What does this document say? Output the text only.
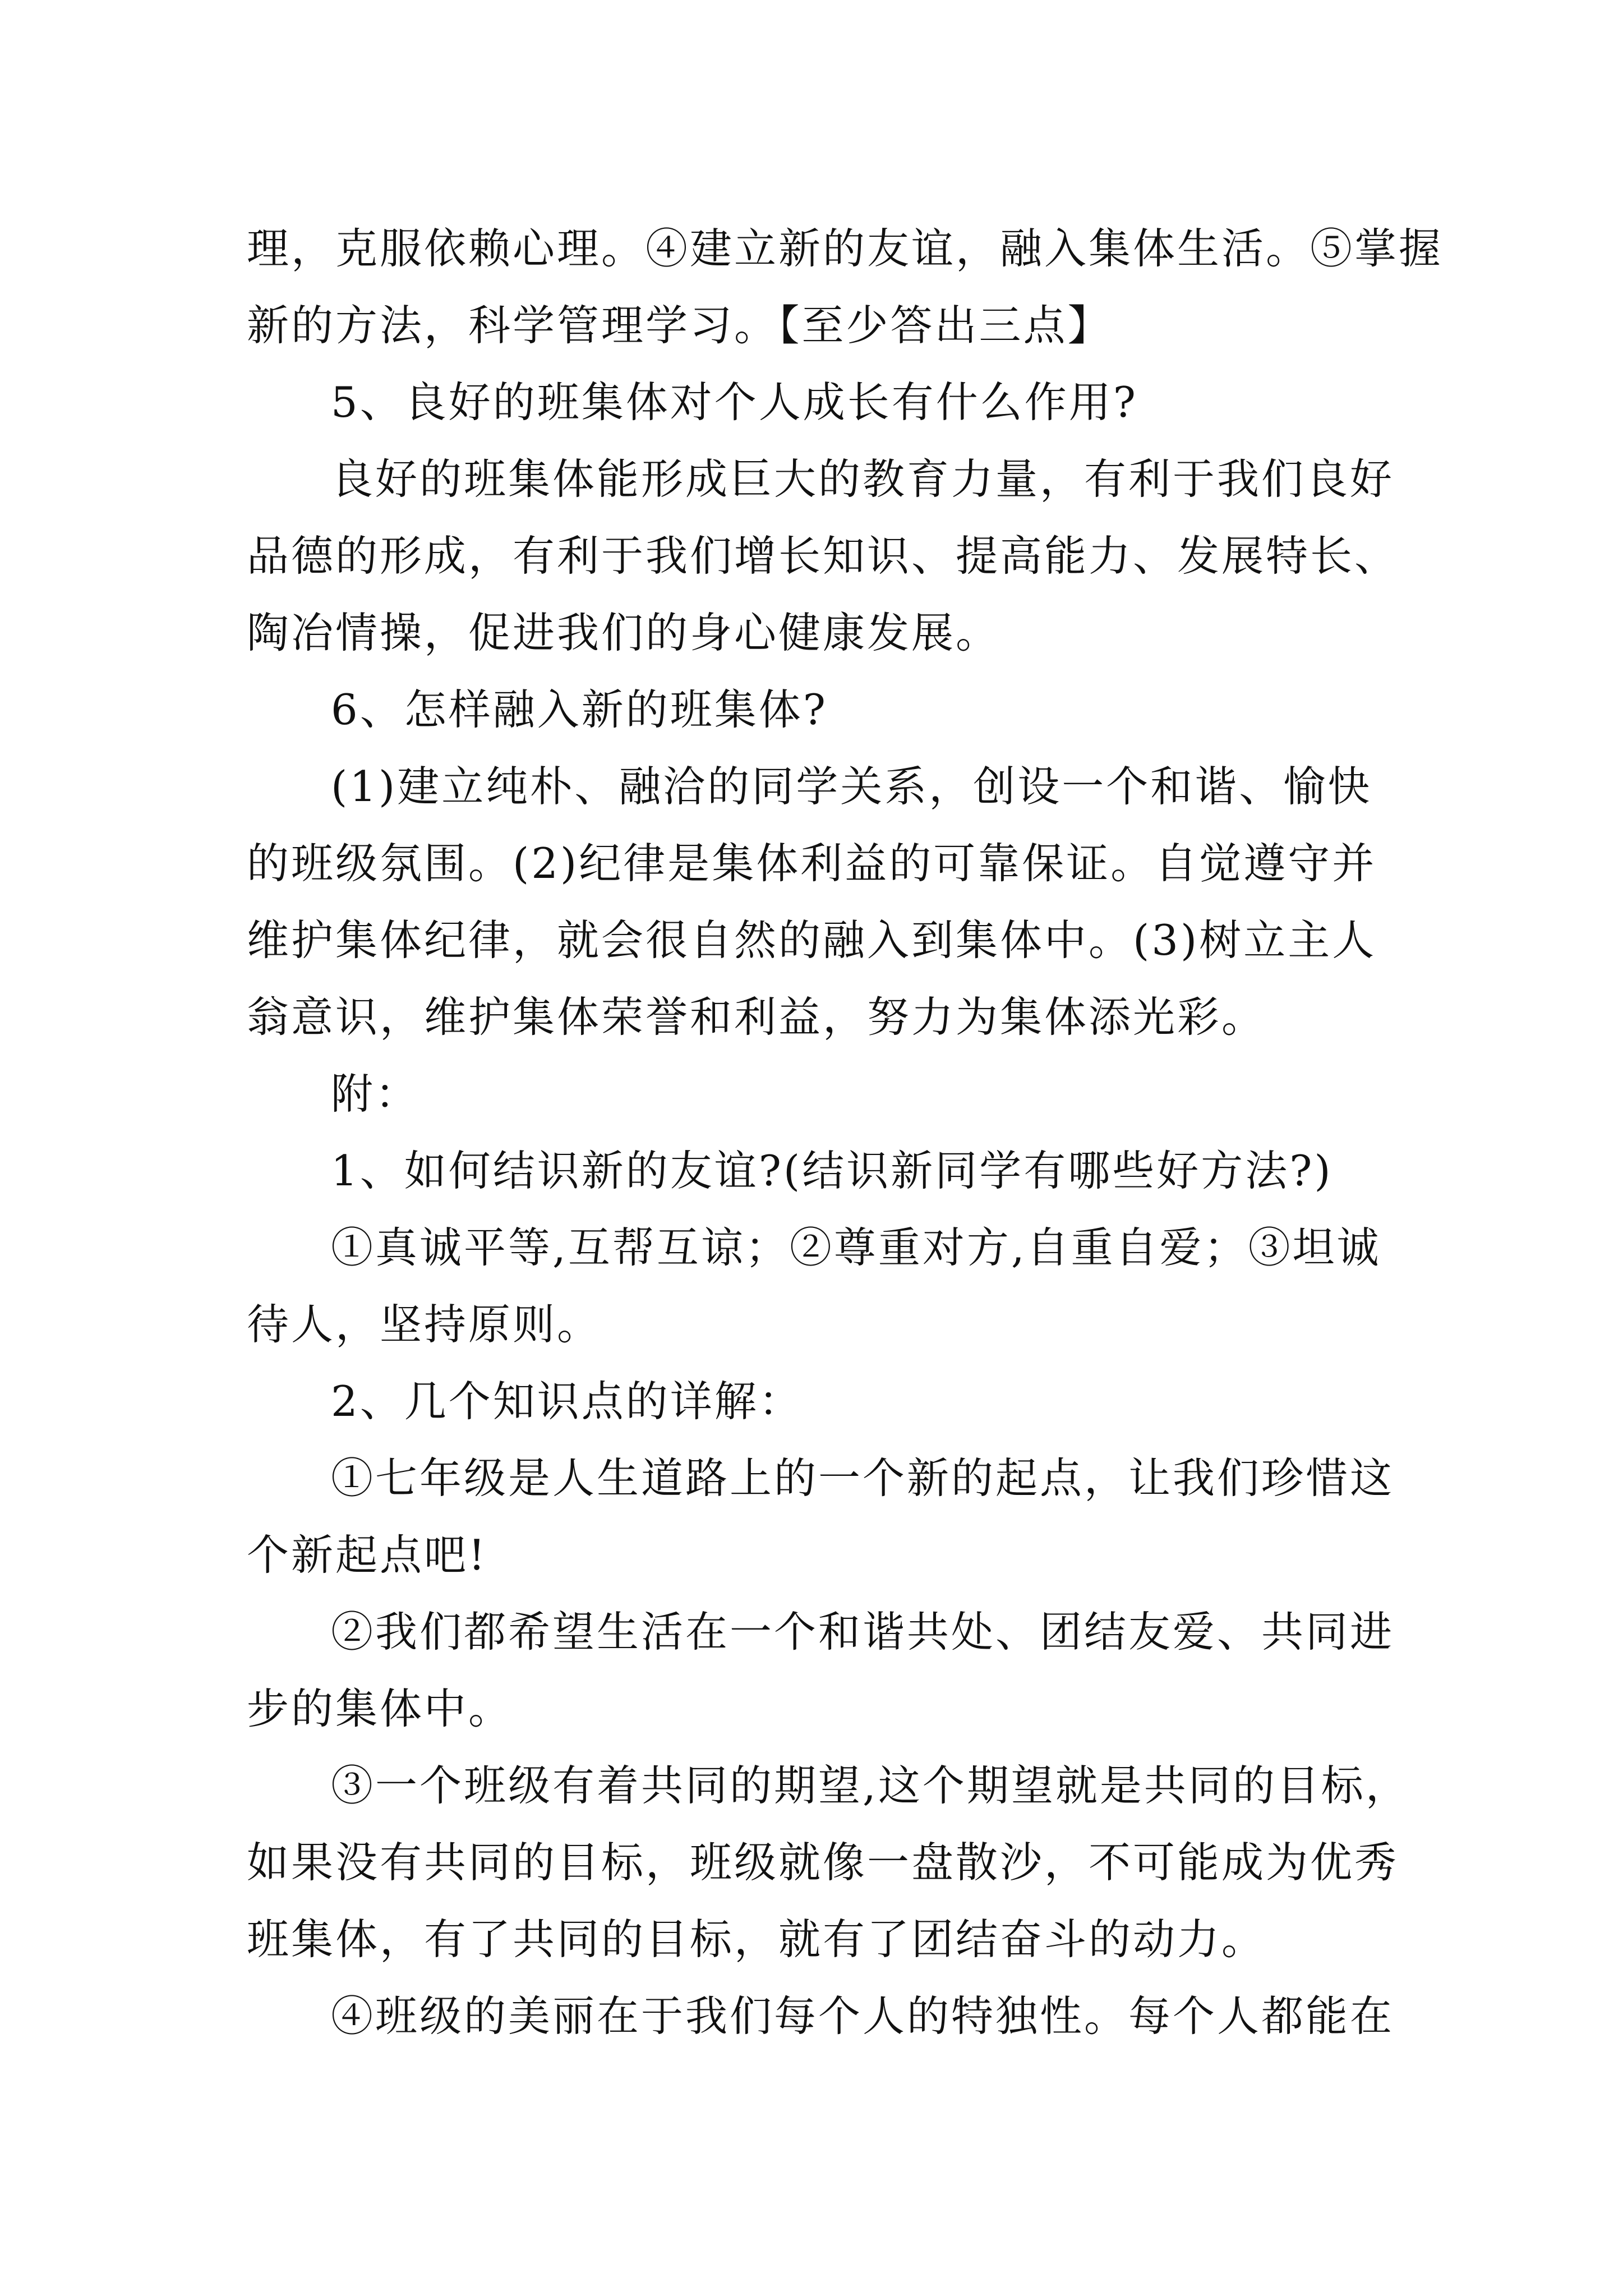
理，克服依赖心理。④建立新的友谊，融入集体生活。⑤掌握
新的方法，科学管理学习。【至少答出三点】
5、良好的班集体对个人成长有什么作用?
良好的班集体能形成巨大的教育力量，有利于我们良好
品德的形成，有利于我们增长知识、提高能力、发展特长、
陶冶情操，促进我们的身心健康发展。
6、怎样融入新的班集体?
(1)建立纯朴、融洽的同学关系，创设一个和谐、愉快
的班级氛围。(2)纪律是集体利益的可靠保证。自觉遵守并
维护集体纪律，就会很自然的融入到集体中。(3)树立主人
翁意识，维护集体荣誉和利益，努力为集体添光彩。
附：
1、如何结识新的友谊?(结识新同学有哪些好方法?)
①真诚平等,互帮互谅；②尊重对方,自重自爱；③坦诚
待人，坚持原则。
2、几个知识点的详解：
①七年级是人生道路上的一个新的起点，让我们珍惜这
个新起点吧!
②我们都希望生活在一个和谐共处、团结友爱、共同进
步的集体中。
③一个班级有着共同的期望,这个期望就是共同的目标，
如果没有共同的目标，班级就像一盘散沙，不可能成为优秀
班集体，有了共同的目标，就有了团结奋斗的动力。
④班级的美丽在于我们每个人的特独性。每个人都能在
